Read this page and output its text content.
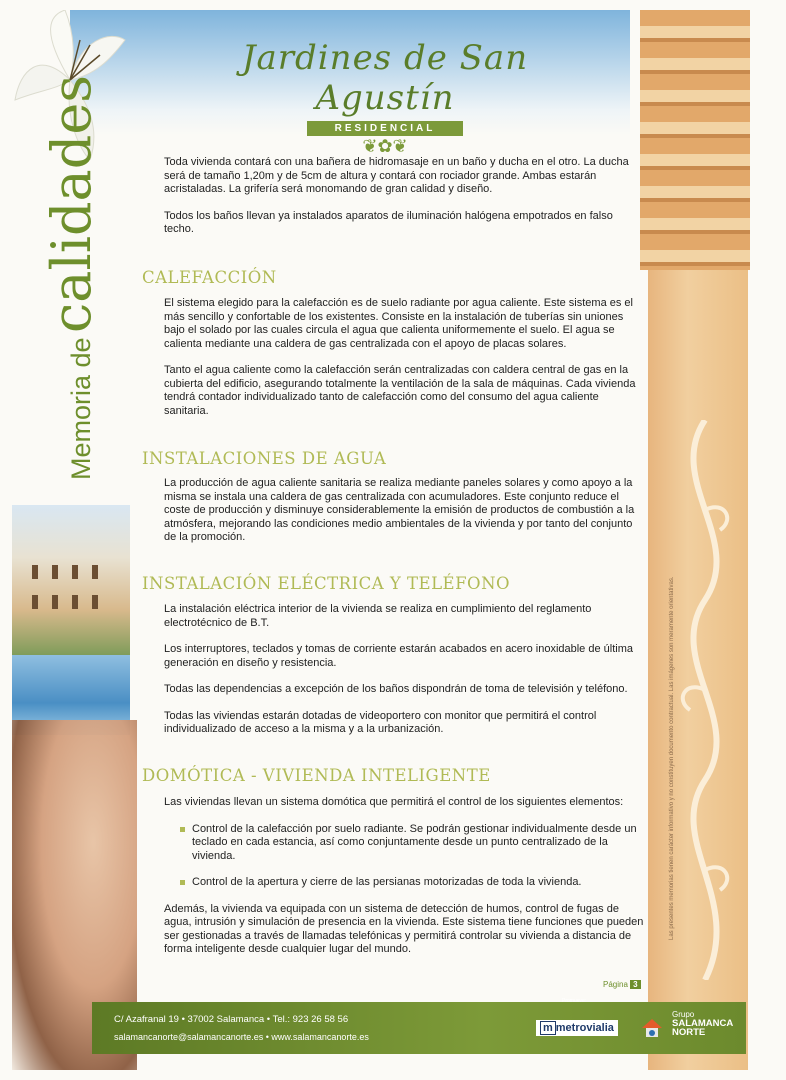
Jardines de San Agustín
RESIDENCIAL
❦✿❦
Memoria de calidades
Las presentes memorias tienen carácter informativo y no constituyen documento contractual. Las imágenes son meramente orientativas.
CALEFACCIÓN
INSTALACIONES DE AGUA
INSTALACIÓN ELÉCTRICA Y TELÉFONO
DOMÓTICA - VIVIENDA INTELIGENTE

Toda vivienda contará con una bañera de hidromasaje en un baño y ducha en el otro. La ducha será de tamaño 1,20m y de 5cm de altura y contará con rociador grande. Ambas estarán acristaladas. La grifería será monomando de gran calidad y diseño.

Todos los baños llevan ya instalados aparatos de iluminación halógena empotrados en falso techo.

El sistema elegido para la calefacción es de suelo radiante por agua caliente. Este sistema es el más sencillo y confortable de los existentes. Consiste en la instalación de tuberías sin uniones bajo el solado por las cuales circula el agua que calienta uniformemente el suelo. El agua se calienta mediante una caldera de gas centralizada con el apoyo de placas solares.

Tanto el agua caliente como la calefacción serán centralizadas con caldera central de gas en la cubierta del edificio, asegurando totalmente la ventilación de la sala de máquinas. Cada vivienda tendrá contador individualizado tanto de calefacción como del consumo del agua caliente sanitaria.

La producción de agua caliente sanitaria se realiza mediante paneles solares y como apoyo a la misma se instala una caldera de gas centralizada con acumuladores. Este conjunto reduce el coste de producción y disminuye considerablemente la emisión de productos de combustión a la atmósfera, mejorando las condiciones medio ambientales de la vivienda y por tanto del conjunto de la promoción.

La instalación eléctrica interior de la vivienda se realiza en cumplimiento del reglamento electrotécnico de B.T.

Los interruptores, teclados y tomas de corriente estarán acabados en acero inoxidable de última generación en diseño y resistencia.

Todas las dependencias a excepción de los baños dispondrán de toma de televisión y teléfono.

Todas las viviendas estarán dotadas de videoportero con monitor que permitirá el control individualizado de acceso a la misma y a la urbanización.

Las viviendas llevan un sistema domótica que permitirá el control de los siguientes elementos:

Control de la calefacción por suelo radiante. Se podrán gestionar individualmente desde un teclado en cada estancia, así como conjuntamente desde un punto centralizado de la vivienda.
Control de la apertura y cierre de las persianas motorizadas de toda la vivienda.

Además, la vivienda va equipada con un sistema de detección de humos, control de fugas de agua, intrusión y simulación de presencia en la vivienda. Este sistema tiene funciones que pueden ser gestionadas a través de llamadas telefónicas y permitirá controlar su vivienda a distancia de forma inteligente desde cualquier lugar del mundo.

Página 3
C/ Azafranal 19 • 37002 Salamanca • Tel.: 923 26 58 56
salamancanorte@salamancanorte.es • www.salamancanorte.es
Promueve:
m metrovialia
Grupo
SALAMANCA
NORTE
